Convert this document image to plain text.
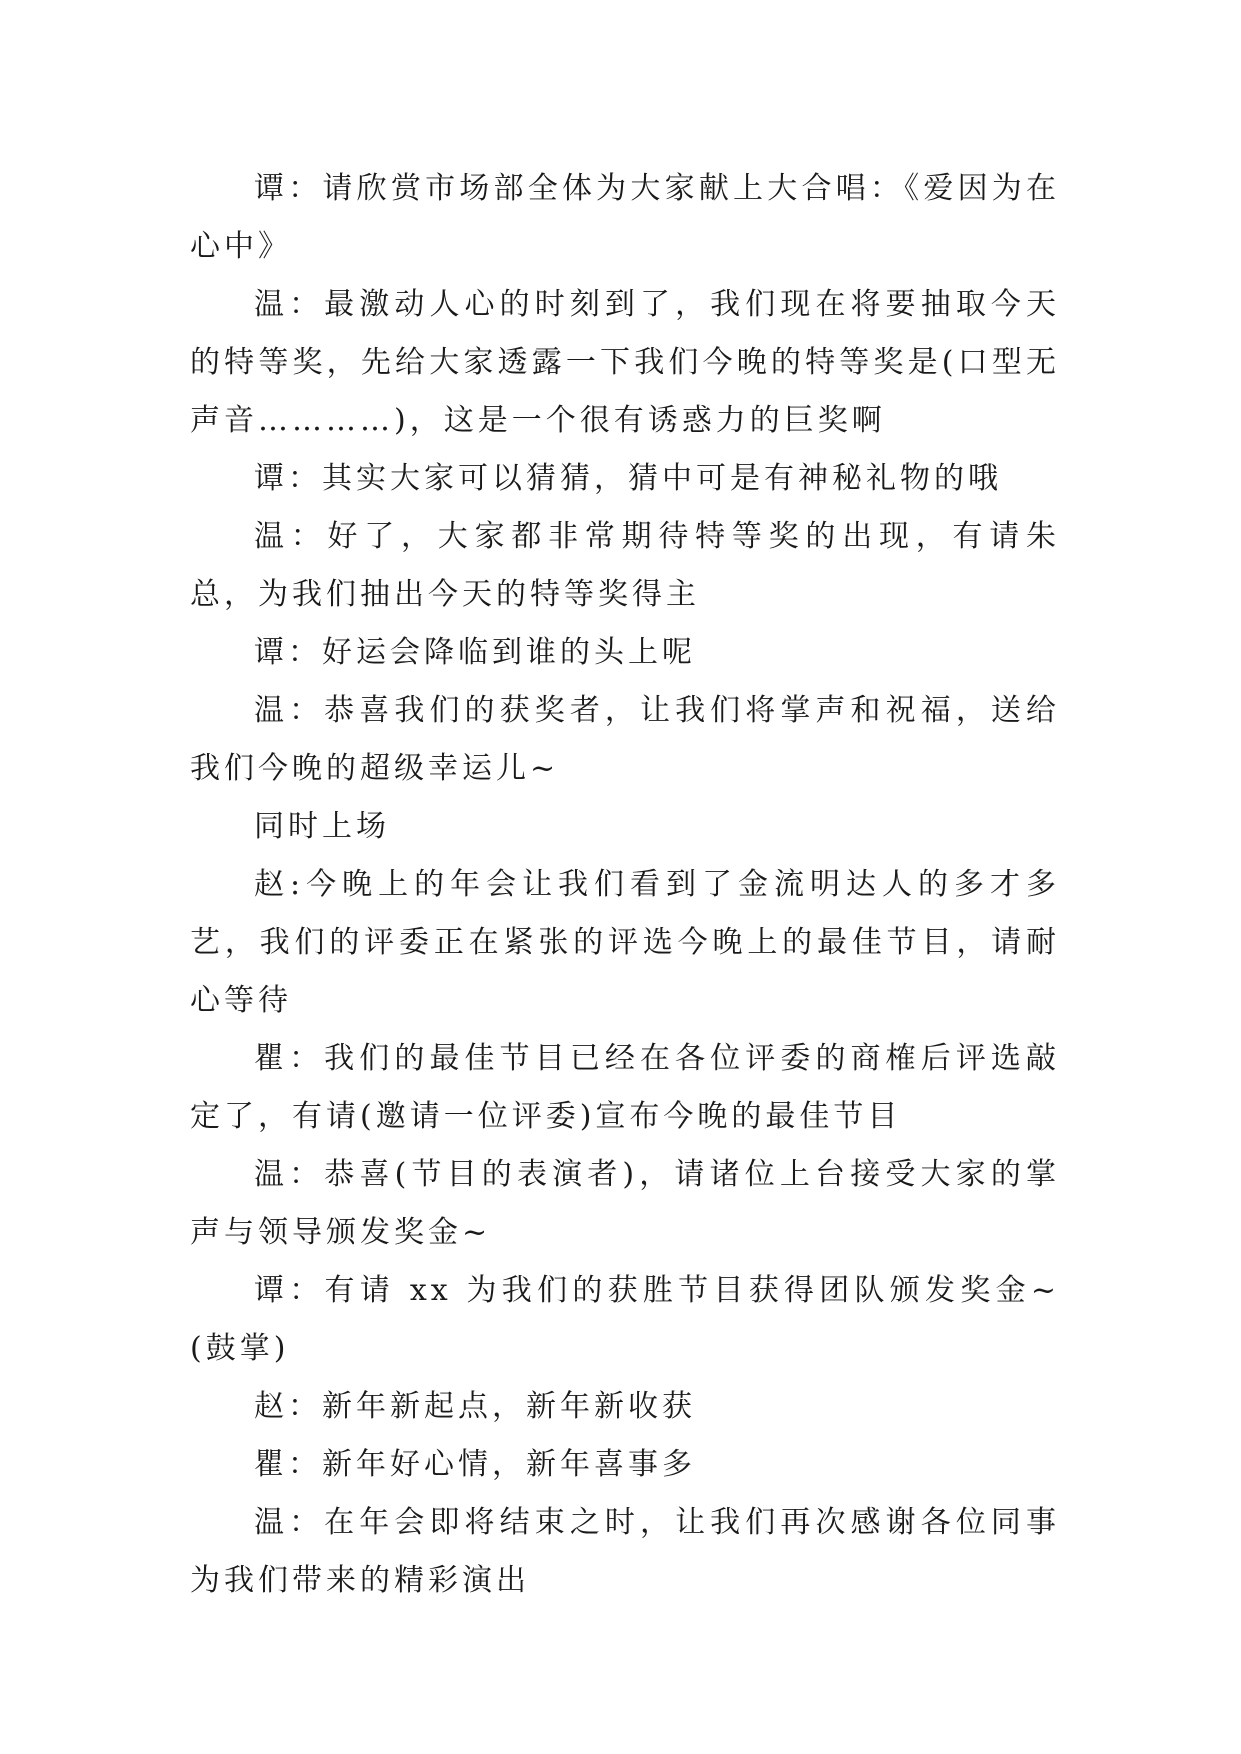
谭：请欣赏市场部全体为大家献上大合唱：《爱因为在心中》

温：最激动人心的时刻到了，我们现在将要抽取今天的特等奖，先给大家透露一下我们今晚的特等奖是(口型无声音…………)，这是一个很有诱惑力的巨奖啊

谭：其实大家可以猜猜，猜中可是有神秘礼物的哦

温：好了，大家都非常期待特等奖的出现，有请朱总，为我们抽出今天的特等奖得主

谭：好运会降临到谁的头上呢

温：恭喜我们的获奖者，让我们将掌声和祝福，送给我们今晚的超级幸运儿~

同时上场

赵:今晚上的年会让我们看到了金流明达人的多才多艺，我们的评委正在紧张的评选今晚上的最佳节目，请耐心等待

瞿：我们的最佳节目已经在各位评委的商榷后评选敲定了，有请(邀请一位评委)宣布今晚的最佳节目

温：恭喜(节目的表演者)，请诸位上台接受大家的掌声与领导颁发奖金~

谭：有请 xx 为我们的获胜节目获得团队颁发奖金~(鼓掌)

赵：新年新起点，新年新收获

瞿：新年好心情，新年喜事多

温：在年会即将结束之时，让我们再次感谢各位同事为我们带来的精彩演出
